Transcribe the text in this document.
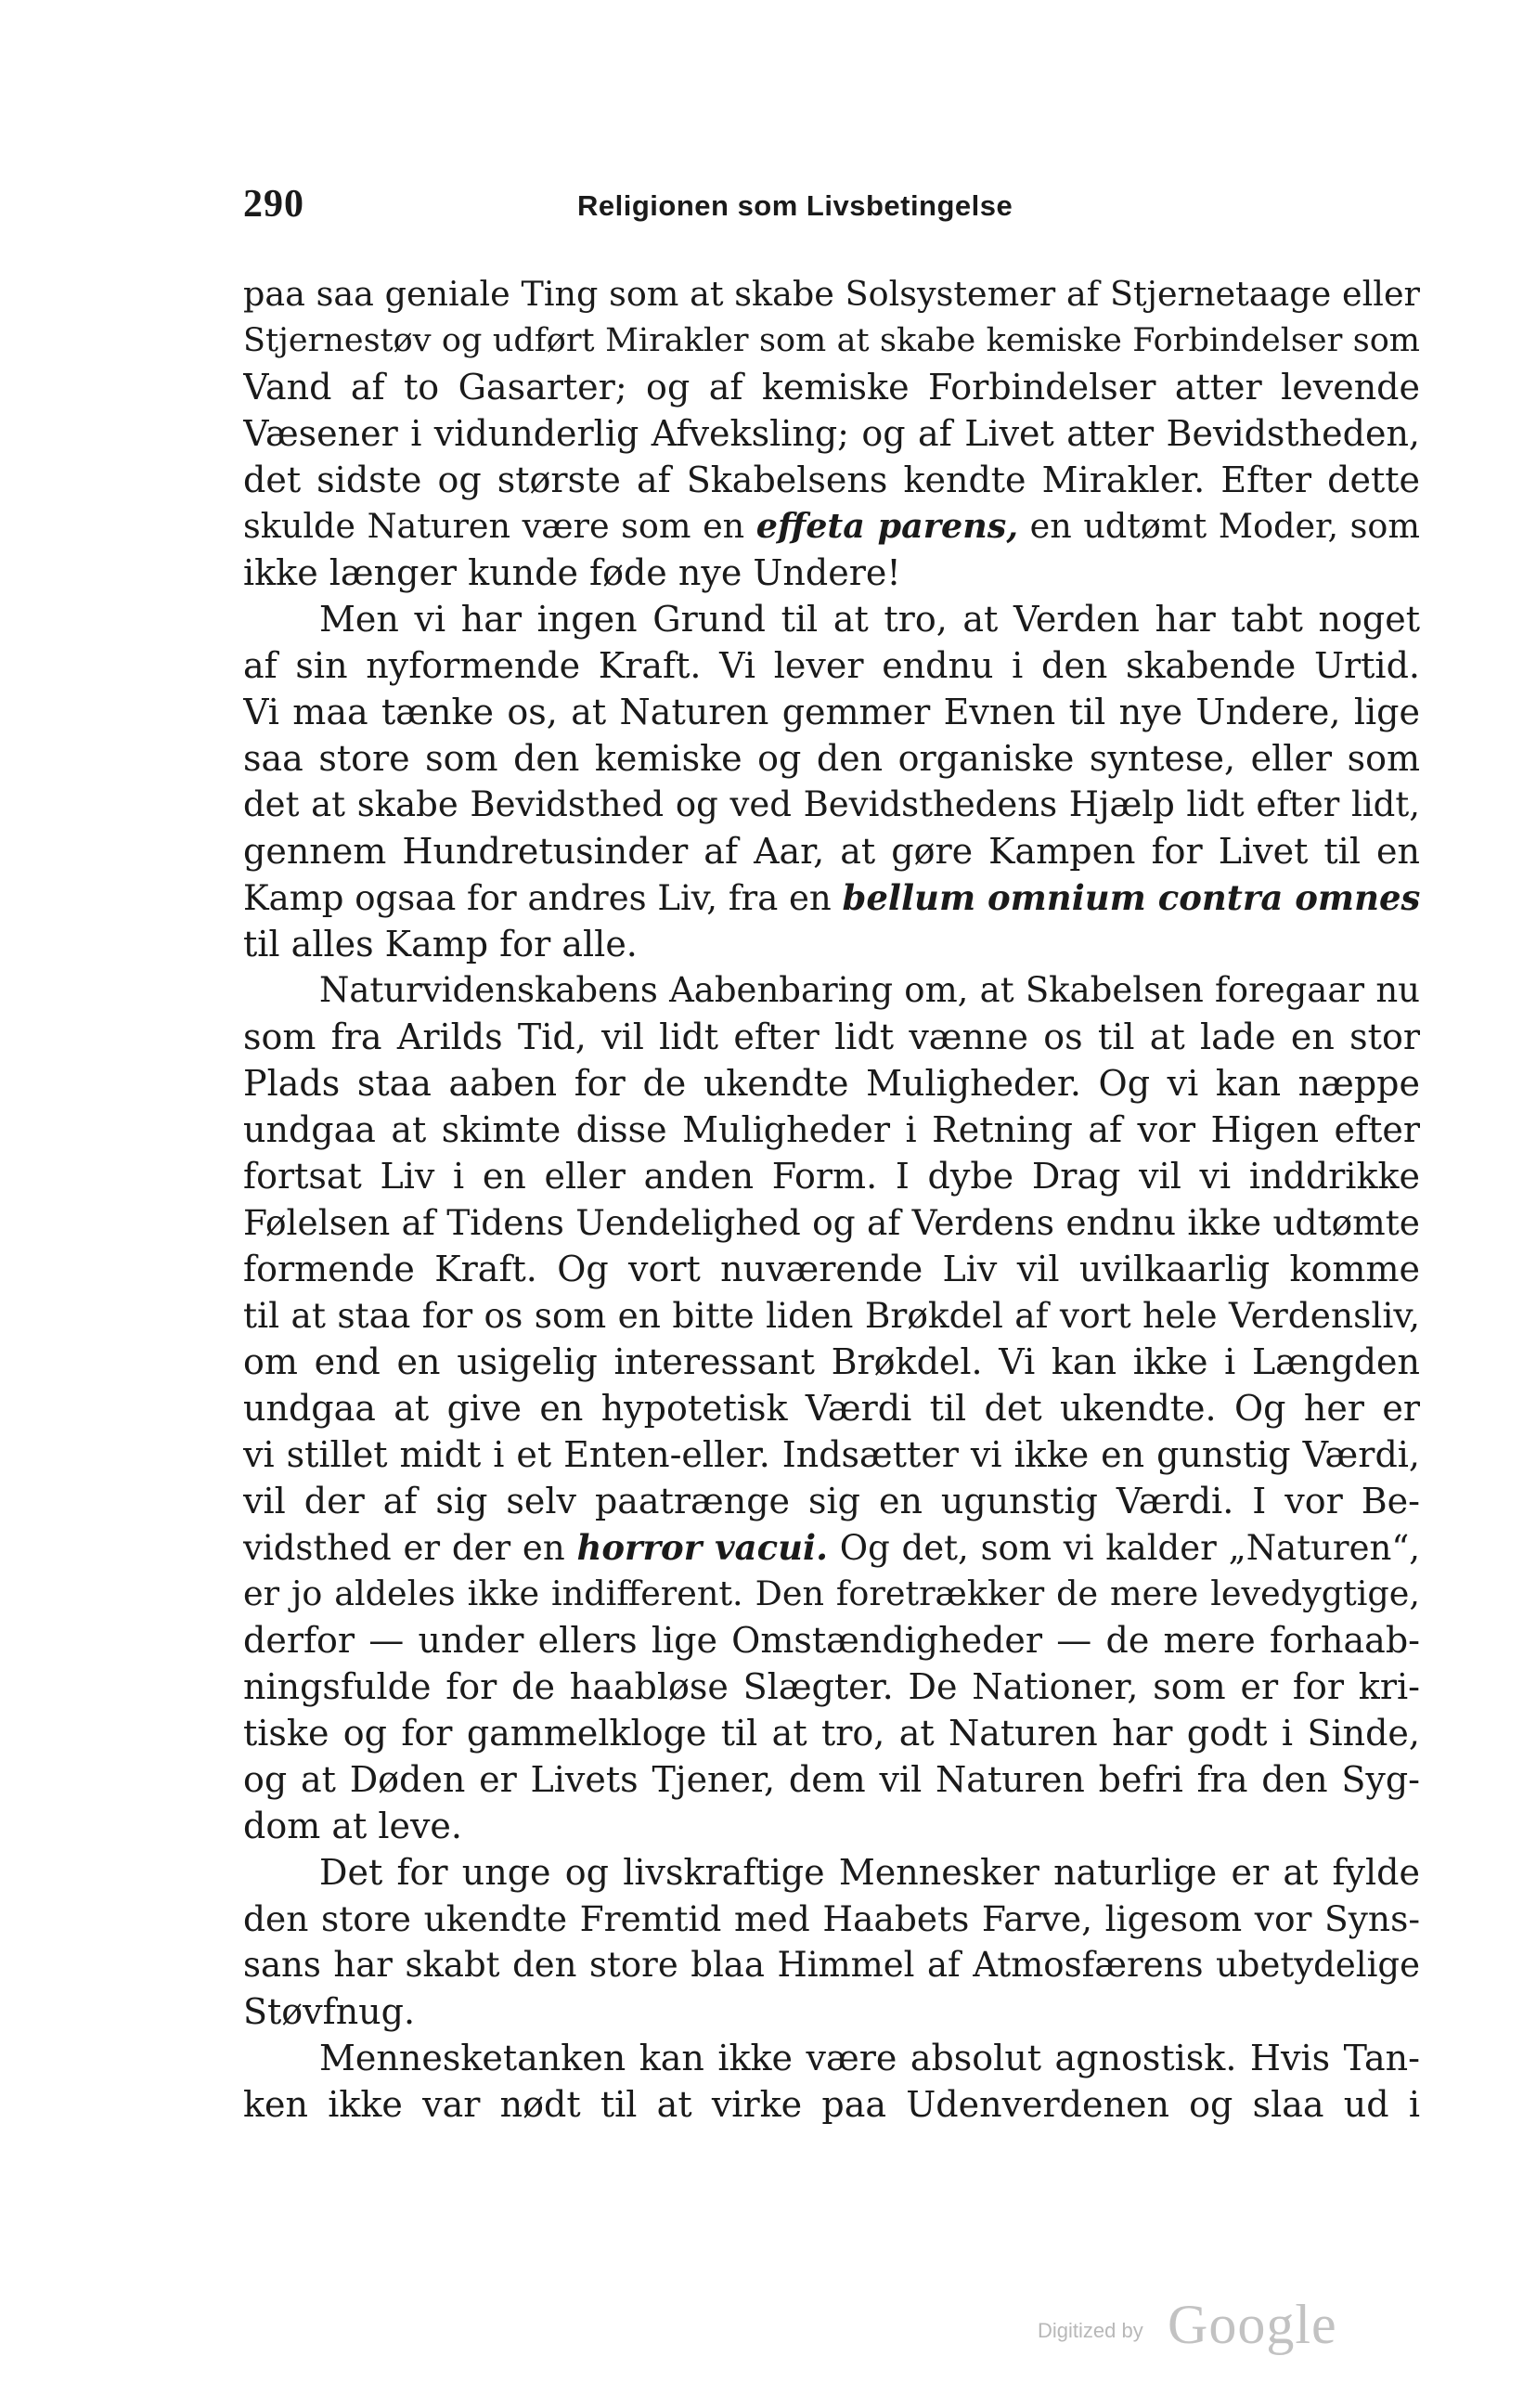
290	Religionen som Livsbetingelse
paa saa geniale Ting som at skabe Solsystemer af Stjernetaage eller
Stjernestøv og udført Mirakler som at skabe kemiske Forbindelser som
Vand af to Gasarter; og af kemiske Forbindelser atter levende
Væsener i vidunderlig Afveksling; og af Livet atter Bevidstheden,
det sidste og største af Skabelsens kendte Mirakler. Efter dette
skulde Naturen være som en effeta parens, en udtømt Moder, som
ikke længer kunde føde nye Undere!
Men vi har ingen Grund til at tro, at Verden har tabt noget
af sin nyformende Kraft. Vi lever endnu i den skabende Urtid.
Vi maa tænke os, at Naturen gemmer Evnen til nye Undere, lige
saa store som den kemiske og den organiske syntese, eller som
det at skabe Bevidsthed og ved Bevidsthedens Hjælp lidt efter lidt,
gennem Hundretusinder af Aar, at gøre Kampen for Livet til en
Kamp ogsaa for andres Liv, fra en bellum omnium contra omnes
til alles Kamp for alle.
Naturvidenskabens Aabenbaring om, at Skabelsen foregaar nu
som fra Arilds Tid, vil lidt efter lidt vænne os til at lade en stor
Plads staa aaben for de ukendte Muligheder. Og vi kan næppe
undgaa at skimte disse Muligheder i Retning af vor Higen efter
fortsat Liv i en eller anden Form. I dybe Drag vil vi inddrikke
Følelsen af Tidens Uendelighed og af Verdens endnu ikke udtømte
formende Kraft. Og vort nuværende Liv vil uvilkaarlig komme
til at staa for os som en bitte liden Brøkdel af vort hele Verdensliv,
om end en usigelig interessant Brøkdel. Vi kan ikke i Længden
undgaa at give en hypotetisk Værdi til det ukendte. Og her er
vi stillet midt i et Enten-eller. Indsætter vi ikke en gunstig Værdi,
vil der af sig selv paatrænge sig en ugunstig Værdi. I vor Be-
vidsthed er der en horror vacui. Og det, som vi kalder „Naturen“,
er jo aldeles ikke indifferent. Den foretrækker de mere levedygtige,
derfor — under ellers lige Omstændigheder — de mere forhaab-
ningsfulde for de haabløse Slægter. De Nationer, som er for kri-
tiske og for gammelkloge til at tro, at Naturen har godt i Sinde,
og at Døden er Livets Tjener, dem vil Naturen befri fra den Syg-
dom at leve.
Det for unge og livskraftige Mennesker naturlige er at fylde
den store ukendte Fremtid med Haabets Farve, ligesom vor Syns-
sans har skabt den store blaa Himmel af Atmosfærens ubetydelige
Støvfnug.
Mennesketanken kan ikke være absolut agnostisk. Hvis Tan-
ken ikke var nødt til at virke paa Udenverdenen og slaa ud i
Digitized by Google
